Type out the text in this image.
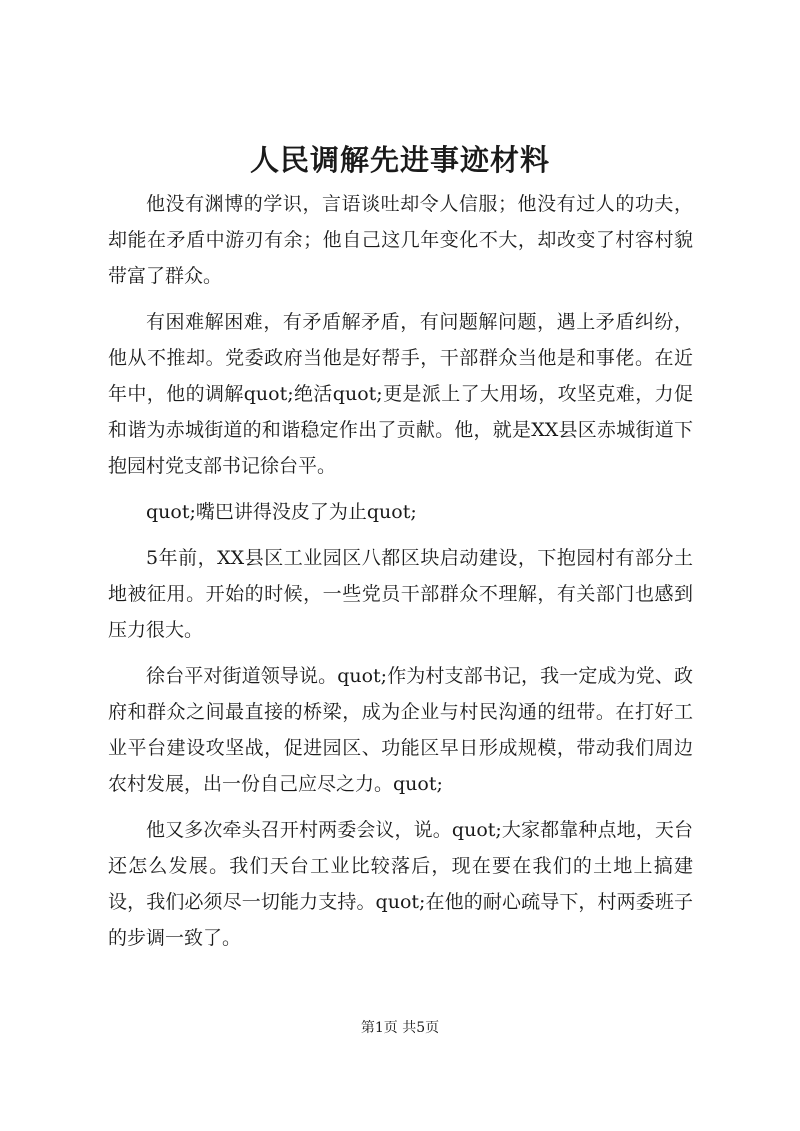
人民调解先进事迹材料

他没有渊博的学识，言语谈吐却令人信服；他没有过人的功夫，却能在矛盾中游刃有余；他自己这几年变化不大，却改变了村容村貌带富了群众。

有困难解困难，有矛盾解矛盾，有问题解问题，遇上矛盾纠纷，他从不推却。党委政府当他是好帮手，干部群众当他是和事佬。在近年中，他的调解quot;绝活quot;更是派上了大用场，攻坚克难，力促和谐为赤城街道的和谐稳定作出了贡献。他，就是XX县区赤城街道下抱园村党支部书记徐台平。

quot;嘴巴讲得没皮了为止quot;

5年前，XX县区工业园区八都区块启动建设，下抱园村有部分土地被征用。开始的时候，一些党员干部群众不理解，有关部门也感到压力很大。

徐台平对街道领导说。quot;作为村支部书记，我一定成为党、政府和群众之间最直接的桥梁，成为企业与村民沟通的纽带。在打好工业平台建设攻坚战，促进园区、功能区早日形成规模，带动我们周边农村发展，出一份自己应尽之力。quot;

他又多次牵头召开村两委会议，说。quot;大家都靠种点地，天台还怎么发展。我们天台工业比较落后，现在要在我们的土地上搞建设，我们必须尽一切能力支持。quot;在他的耐心疏导下，村两委班子的步调一致了。

第1页 共5页
